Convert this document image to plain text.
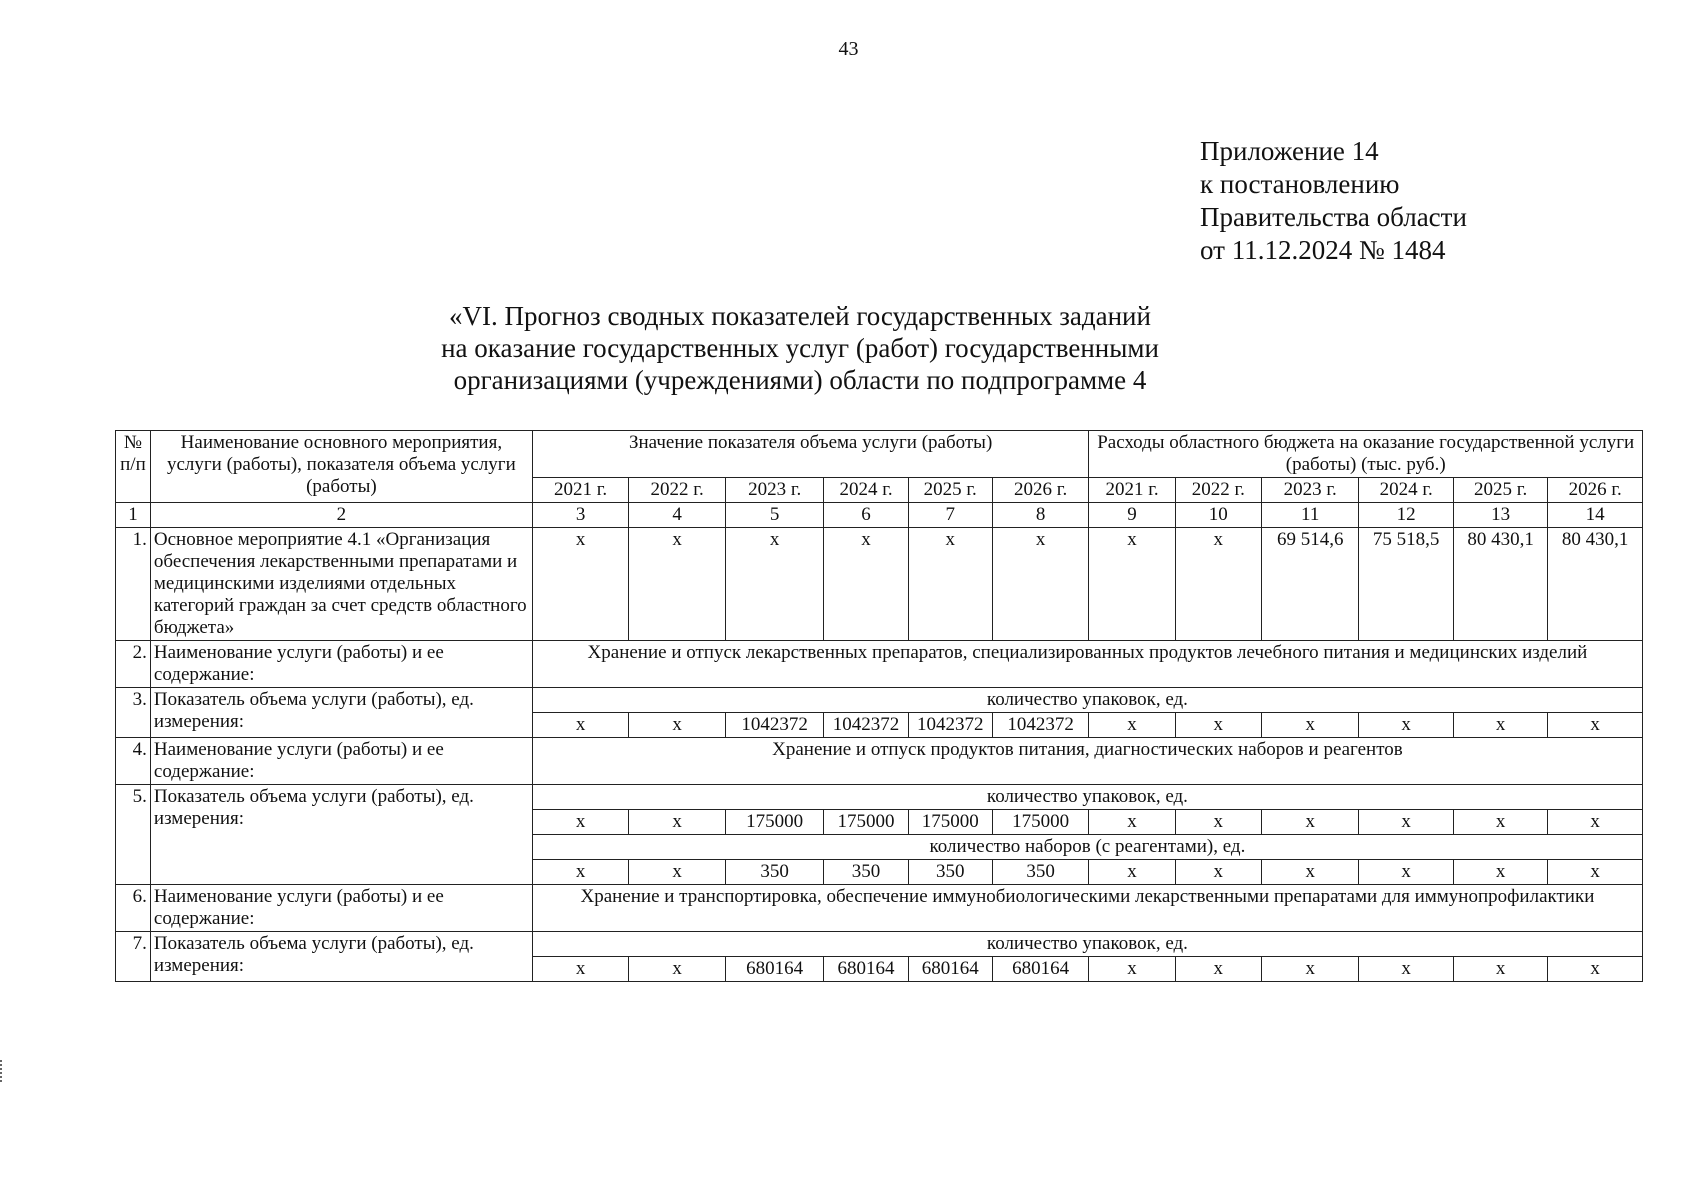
43
Приложение 14
к постановлению
Правительства области
от 11.12.2024 № 1484
«VI. Прогноз сводных показателей государственных заданий
на оказание государственных услуг (работ) государственными
организациями (учреждениями) области по подпрограмме 4
№ п/п	Наименование основного мероприятия, услуги (работы), показателя объема услуги (работы)	Значение показателя объема услуги (работы)						Расходы областного бюджета на оказание государственной услуги (работы) (тыс. руб.)					
		2021 г.	2022 г.	2023 г.	2024 г.	2025 г.	2026 г.	2021 г.	2022 г.	2023 г.	2024 г.	2025 г.	2026 г.
1	2	3	4	5	6	7	8	9	10	11	12	13	14
1.	Основное мероприятие 4.1 «Организация обеспечения лекарственными препаратами и медицинскими изделиями отдельных категорий граждан за счет средств областного бюджета»	x	x	x	x	x	x	x	x	69 514,6	75 518,5	80 430,1	80 430,1
2.	Наименование услуги (работы) и ее содержание:	Хранение и отпуск лекарственных препаратов, специализированных продуктов лечебного питания и медицинских изделий											
3.	Показатель объема услуги (работы), ед. измерения:	количество упаковок, ед.											
		x	x	1042372	1042372	1042372	1042372	x	x	x	x	x	x
4.	Наименование услуги (работы) и ее содержание:	Хранение и отпуск продуктов питания, диагностических наборов и реагентов											
5.	Показатель объема услуги (работы), ед. измерения:	количество упаковок, ед.											
		x	x	175000	175000	175000	175000	x	x	x	x	x	x
		количество наборов (с реагентами), ед.											
		x	x	350	350	350	350	x	x	x	x	x	x
6.	Наименование услуги (работы) и ее содержание:	Хранение и транспортировка, обеспечение иммунобиологическими лекарственными препаратами для иммунопрофилактики											
7.	Показатель объема услуги (работы), ед. измерения:	количество упаковок, ед.											
		x	x	680164	680164	680164	680164	x	x	x	x	x	x
